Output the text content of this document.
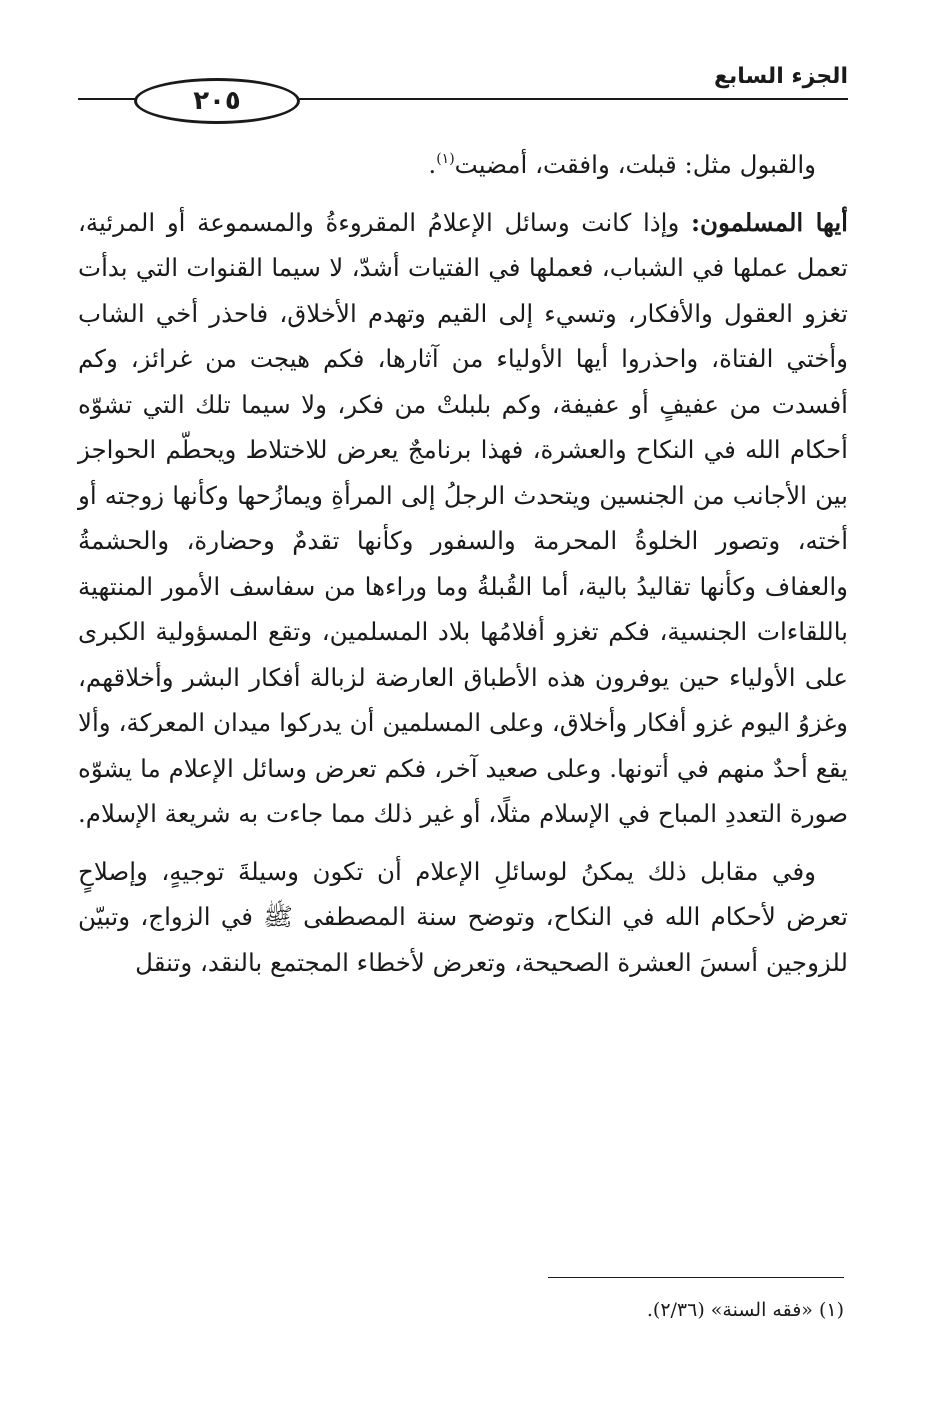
الجزء السابع
٢٠٥

والقبول مثل: قبلت، وافقت، أمضيت$^{(١)}$.

أيها المسلمون: وإذا كانت وسائل الإعلامُ المقروءةُ والمسموعة أو المرئية، تعمل عملها في الشباب، فعملها في الفتيات أشدّ، لا سيما القنوات التي بدأت تغزو العقول والأفكار، وتسيء إلى القيم وتهدم الأخلاق، فاحذر أخي الشاب وأختي الفتاة، واحذروا أيها الأولياء من آثارها، فكم هيجت من غرائز، وكم أفسدت من عفيفٍ أو عفيفة، وكم بلبلتْ من فكر، ولا سيما تلك التي تشوّه أحكام الله في النكاح والعشرة، فهذا برنامجٌ يعرض للاختلاط ويحطّم الحواجز بين الأجانب من الجنسين ويتحدث الرجلُ إلى المرأةِ ويمازُحها وكأنها زوجته أو أخته، وتصور الخلوةُ المحرمة والسفور وكأنها تقدمٌ وحضارة، والحشمةُ والعفاف وكأنها تقاليدُ بالية، أما القُبلةُ وما وراءها من سفاسف الأمور المنتهية باللقاءات الجنسية، فكم تغزو أفلامُها بلاد المسلمين، وتقع المسؤولية الكبرى على الأولياء حين يوفرون هذه الأطباق العارضة لزبالة أفكار البشر وأخلاقهم، وغزوُ اليوم غزو أفكار وأخلاق، وعلى المسلمين أن يدركوا ميدان المعركة، وألا يقع أحدٌ منهم في أتونها. وعلى صعيد آخر، فكم تعرض وسائل الإعلام ما يشوّه صورة التعددِ المباح في الإسلام مثلًا، أو غير ذلك مما جاءت به شريعة الإسلام.

وفي مقابل ذلك يمكنُ لوسائلِ الإعلام أن تكون وسيلةَ توجيهٍ، وإصلاحٍ تعرض لأحكام الله في النكاح، وتوضح سنة المصطفى ﷺ في الزواج، وتبيّن للزوجين أسسَ العشرة الصحيحة، وتعرض لأخطاء المجتمع بالنقد، وتنقل

(١) «فقه السنة» (٢/٣٦).
